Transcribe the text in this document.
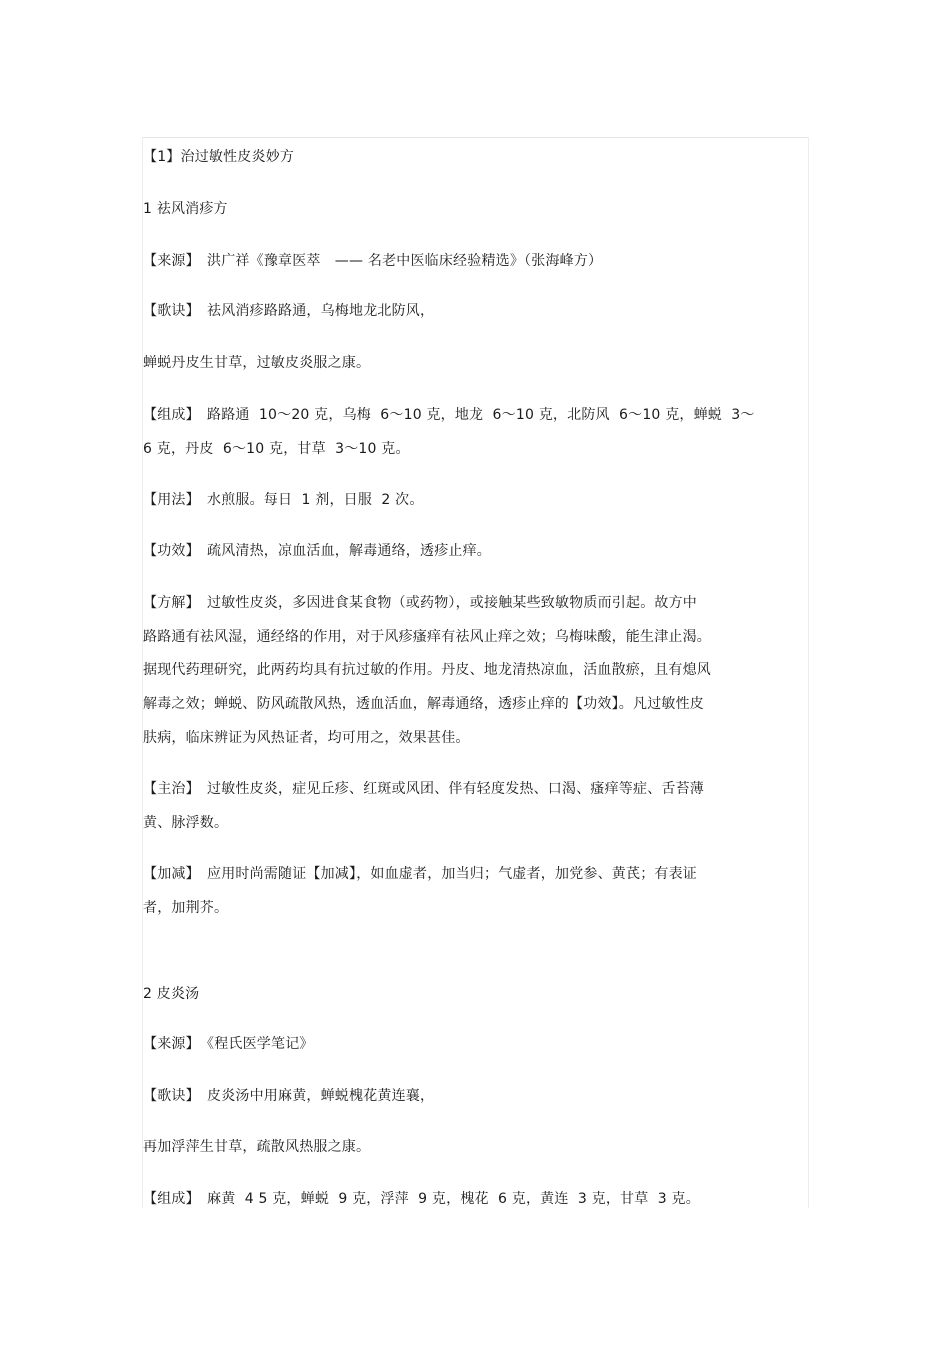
【1】治过敏性皮炎妙方
1 祛风消疹方
【来源】　洪广祥《豫章医萃　—— 名老中医临床经验精选》（张海峰方）
【歌诀】　祛风消疹路路通，乌梅地龙北防风，
蝉蜕丹皮生甘草，过敏皮炎服之康。
【组成】　路路通  10～20 克，乌梅  6～10 克，地龙  6～10 克，北防风  6～10 克，蝉蜕  3～
6 克，丹皮  6～10 克，甘草  3～10 克。
【用法】　水煎服。每日  1 剂，日服  2 次。
【功效】　疏风清热，凉血活血，解毒通络，透疹止痒。
【方解】　过敏性皮炎，多因进食某食物（或药物），或接触某些致敏物质而引起。故方中
路路通有祛风湿，通经络的作用，对于风疹瘙痒有祛风止痒之效；乌梅味酸，能生津止渴。
据现代药理研究，此两药均具有抗过敏的作用。丹皮、地龙清热凉血，活血散瘀，且有熄风
解毒之效；蝉蜕、防风疏散风热，透血活血，解毒通络，透疹止痒的【功效】。凡过敏性皮
肤病，临床辨证为风热证者，均可用之，效果甚佳。
【主治】　过敏性皮炎，症见丘疹、红斑或风团、伴有轻度发热、口渴、瘙痒等症、舌苔薄
黄、脉浮数。
【加减】　应用时尚需随证【加减】，如血虚者，加当归；气虚者，加党参、黄芪；有表证
者，加荆芥。
2 皮炎汤
【来源】　《程氏医学笔记》
【歌诀】　皮炎汤中用麻黄，蝉蜕槐花黄连襄，
再加浮萍生甘草，疏散风热服之康。
【组成】　麻黄  4 5 克，蝉蜕  9 克，浮萍  9 克，槐花  6 克，黄连  3 克，甘草  3 克。
